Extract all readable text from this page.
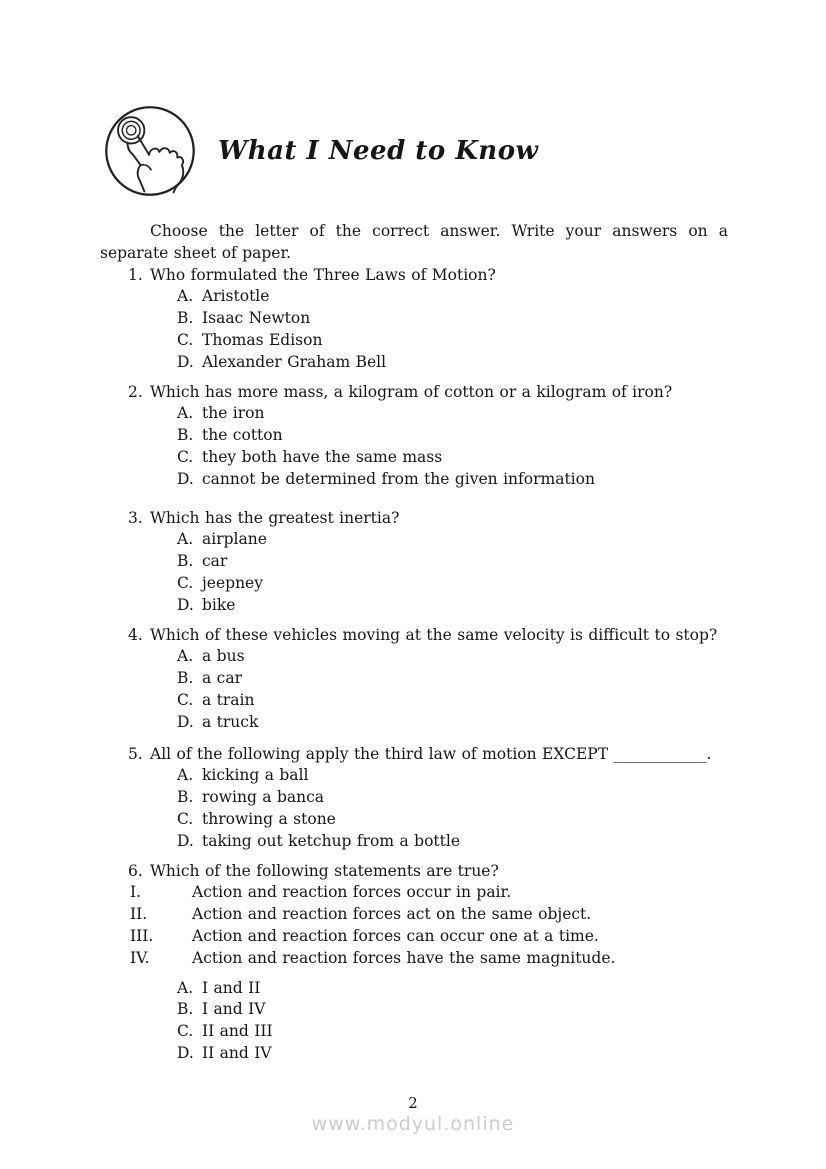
What I Need to Know

Choose the letter of the correct answer. Write your answers on a separate sheet of paper.

1. Who formulated the Three Laws of Motion?
A. Aristotle
B. Isaac Newton
C. Thomas Edison
D. Alexander Graham Bell
2. Which has more mass, a kilogram of cotton or a kilogram of iron?
A. the iron
B. the cotton
C. they both have the same mass
D. cannot be determined from the given information
3. Which has the greatest inertia?
A. airplane
B. car
C. jeepney
D. bike
4. Which of these vehicles moving at the same velocity is difficult to stop?
A. a bus
B. a car
C. a train
D. a truck
5. All of the following apply the third law of motion EXCEPT ____________.
A. kicking a ball
B. rowing a banca
C. throwing a stone
D. taking out ketchup from a bottle
6. Which of the following statements are true?
I.	Action and reaction forces occur in pair.
II.	Action and reaction forces act on the same object.
III.	Action and reaction forces can occur one at a time.
IV.	Action and reaction forces have the same magnitude.
A. I and II
B. I and IV
C. II and III
D. II and IV
2
www.modyul.online
